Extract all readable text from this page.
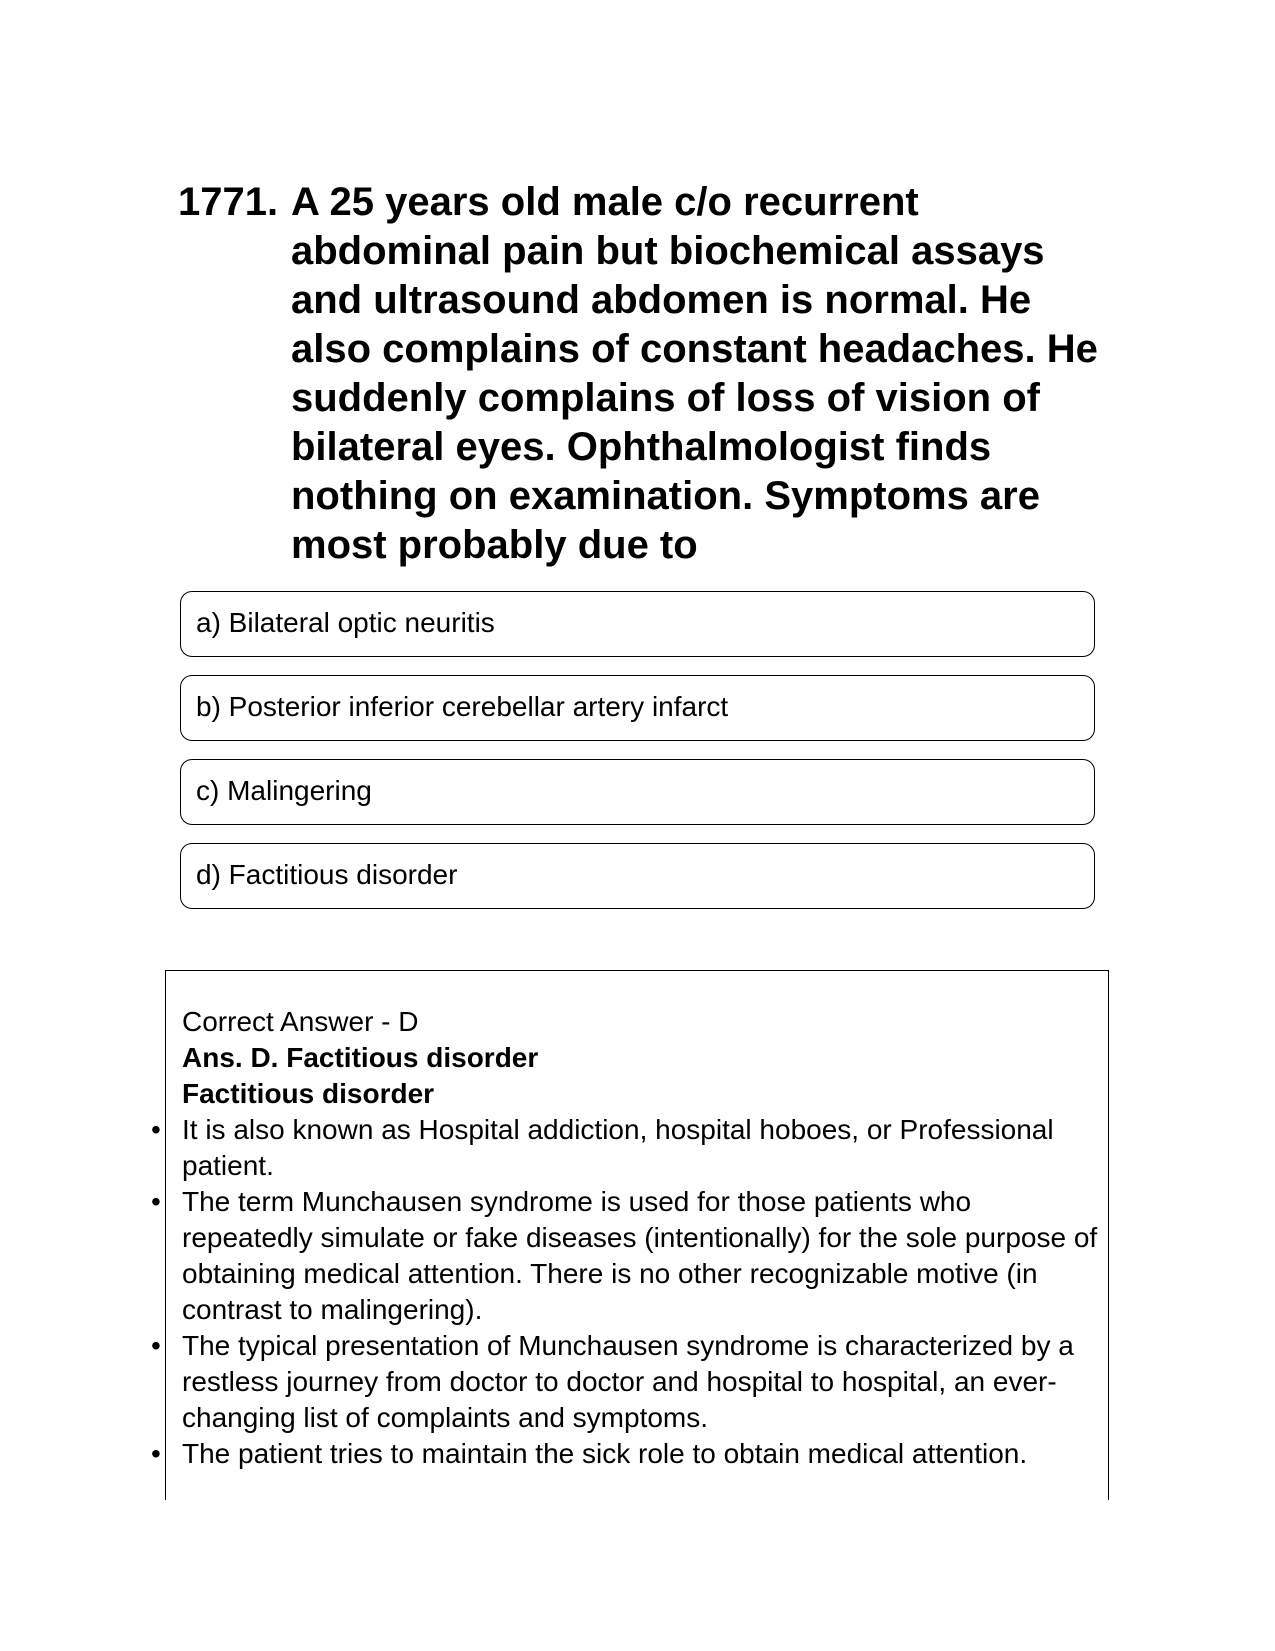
1771. A 25 years old male c/o recurrent abdominal pain but biochemical assays and ultrasound abdomen is normal. He also complains of constant headaches. He suddenly complains of loss of vision of bilateral eyes. Ophthalmologist finds nothing on examination. Symptoms are most probably due to
a) Bilateral optic neuritis
b) Posterior inferior cerebellar artery infarct
c) Malingering
d) Factitious disorder

Correct Answer - D

Ans. D. Factitious disorder

Factitious disorder

• It is also known as Hospital addiction, hospital hoboes, or Professional patient.
• The term Munchausen syndrome is used for those patients who repeatedly simulate or fake diseases (intentionally) for the sole purpose of obtaining medical attention. There is no other recognizable motive (in contrast to malingering).
• The typical presentation of Munchausen syndrome is characterized by a restless journey from doctor to doctor and hospital to hospital, an ever-changing list of complaints and symptoms.
• The patient tries to maintain the sick role to obtain medical attention.
